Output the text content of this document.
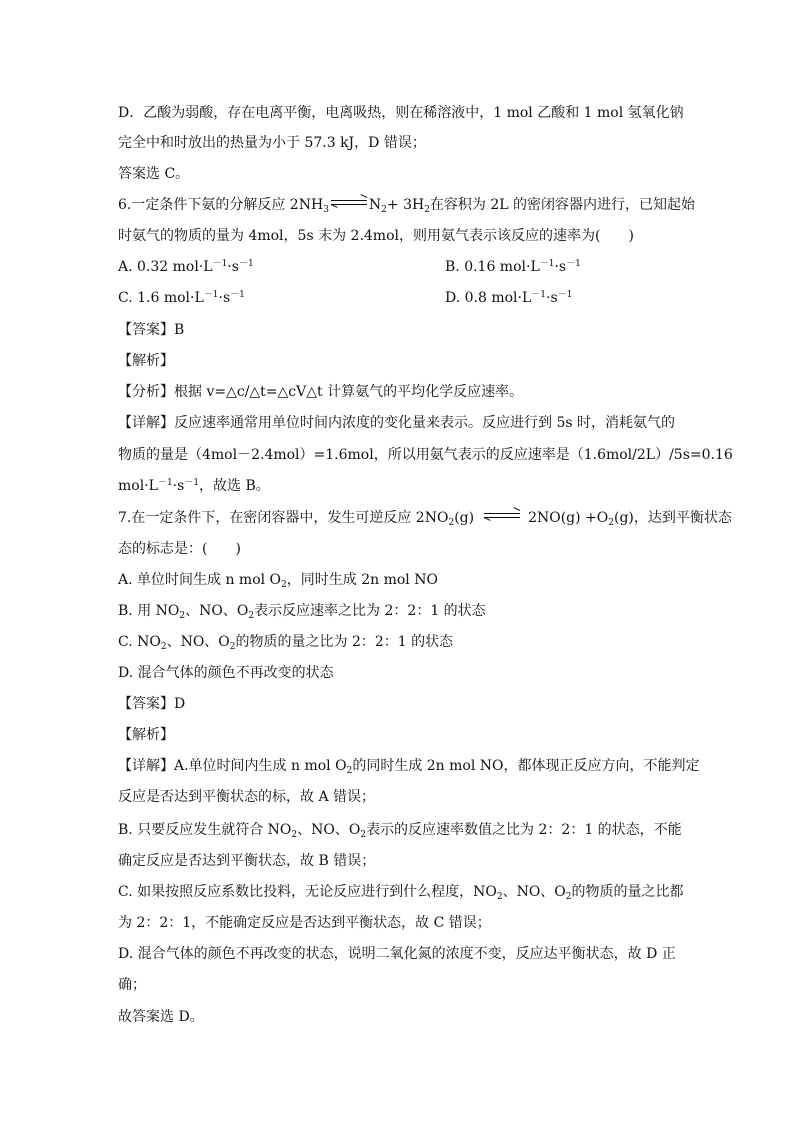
D．乙酸为弱酸，存在电离平衡，电离吸热，则在稀溶液中，1 mol 乙酸和 1 mol 氢氧化钠
完全中和时放出的热量为小于 57.3 kJ，D 错误；
答案选 C。
6.一定条件下氨的分解反应 $2NH_3$	$N_2+ 3H_2$在容积为 2L 的密闭容器内进行，已知起始
时氨气的物质的量为 4mol，5s 末为 2.4mol，则用氨气表示该反应的速率为(　　)
A. 0.32 $mol\cdot L^{-1}\cdot s^{-1}$	B. 0.16 $mol\cdot L^{-1}\cdot s^{-1}$
C. 1.6 $mol\cdot L^{-1}\cdot s^{-1}$	D. 0.8 $mol\cdot L^{-1}\cdot s^{-1}$
【答案】B
【解析】
【分析】根据 v=△c/△t=△cV△t 计算氨气的平均化学反应速率。
【详解】反应速率通常用单位时间内浓度的变化量来表示。反应进行到 5s 时，消耗氨气的
物质的量是（4mol－2.4mol）=1.6mol，所以用氨气表示的反应速率是（1.6mol/2L）/5s=0.16
$mol\cdot L^{-1}\cdot s^{-1}$，故选 B。
7.在一定条件下，在密闭容器中，发生可逆反应 $2NO_2(g)$	$2NO(g) +O_2(g)$，达到平衡状态
态的标志是：(　　)
A. 单位时间生成 n mol $O_2$，同时生成 2n mol NO
B. 用 $NO_2$、NO、$O_2$表示反应速率之比为 2：2：1 的状态
C. $NO_2$、NO、$O_2$的物质的量之比为 2：2：1 的状态
D. 混合气体的颜色不再改变的状态
【答案】D
【解析】
【详解】A.单位时间内生成 n mol $O_2$的同时生成 2n mol NO，都体现正反应方向，不能判定
反应是否达到平衡状态的标，故 A 错误；
B. 只要反应发生就符合 $NO_2$、NO、$O_2$表示的反应速率数值之比为 2：2：1 的状态，不能
确定反应是否达到平衡状态，故 B 错误；
C. 如果按照反应系数比投料，无论反应进行到什么程度，$NO_2$、NO、$O_2$的物质的量之比都
为 2：2：1，不能确定反应是否达到平衡状态，故 C 错误；
D. 混合气体的颜色不再改变的状态，说明二氧化氮的浓度不变，反应达平衡状态，故 D 正
确；
故答案选 D。
